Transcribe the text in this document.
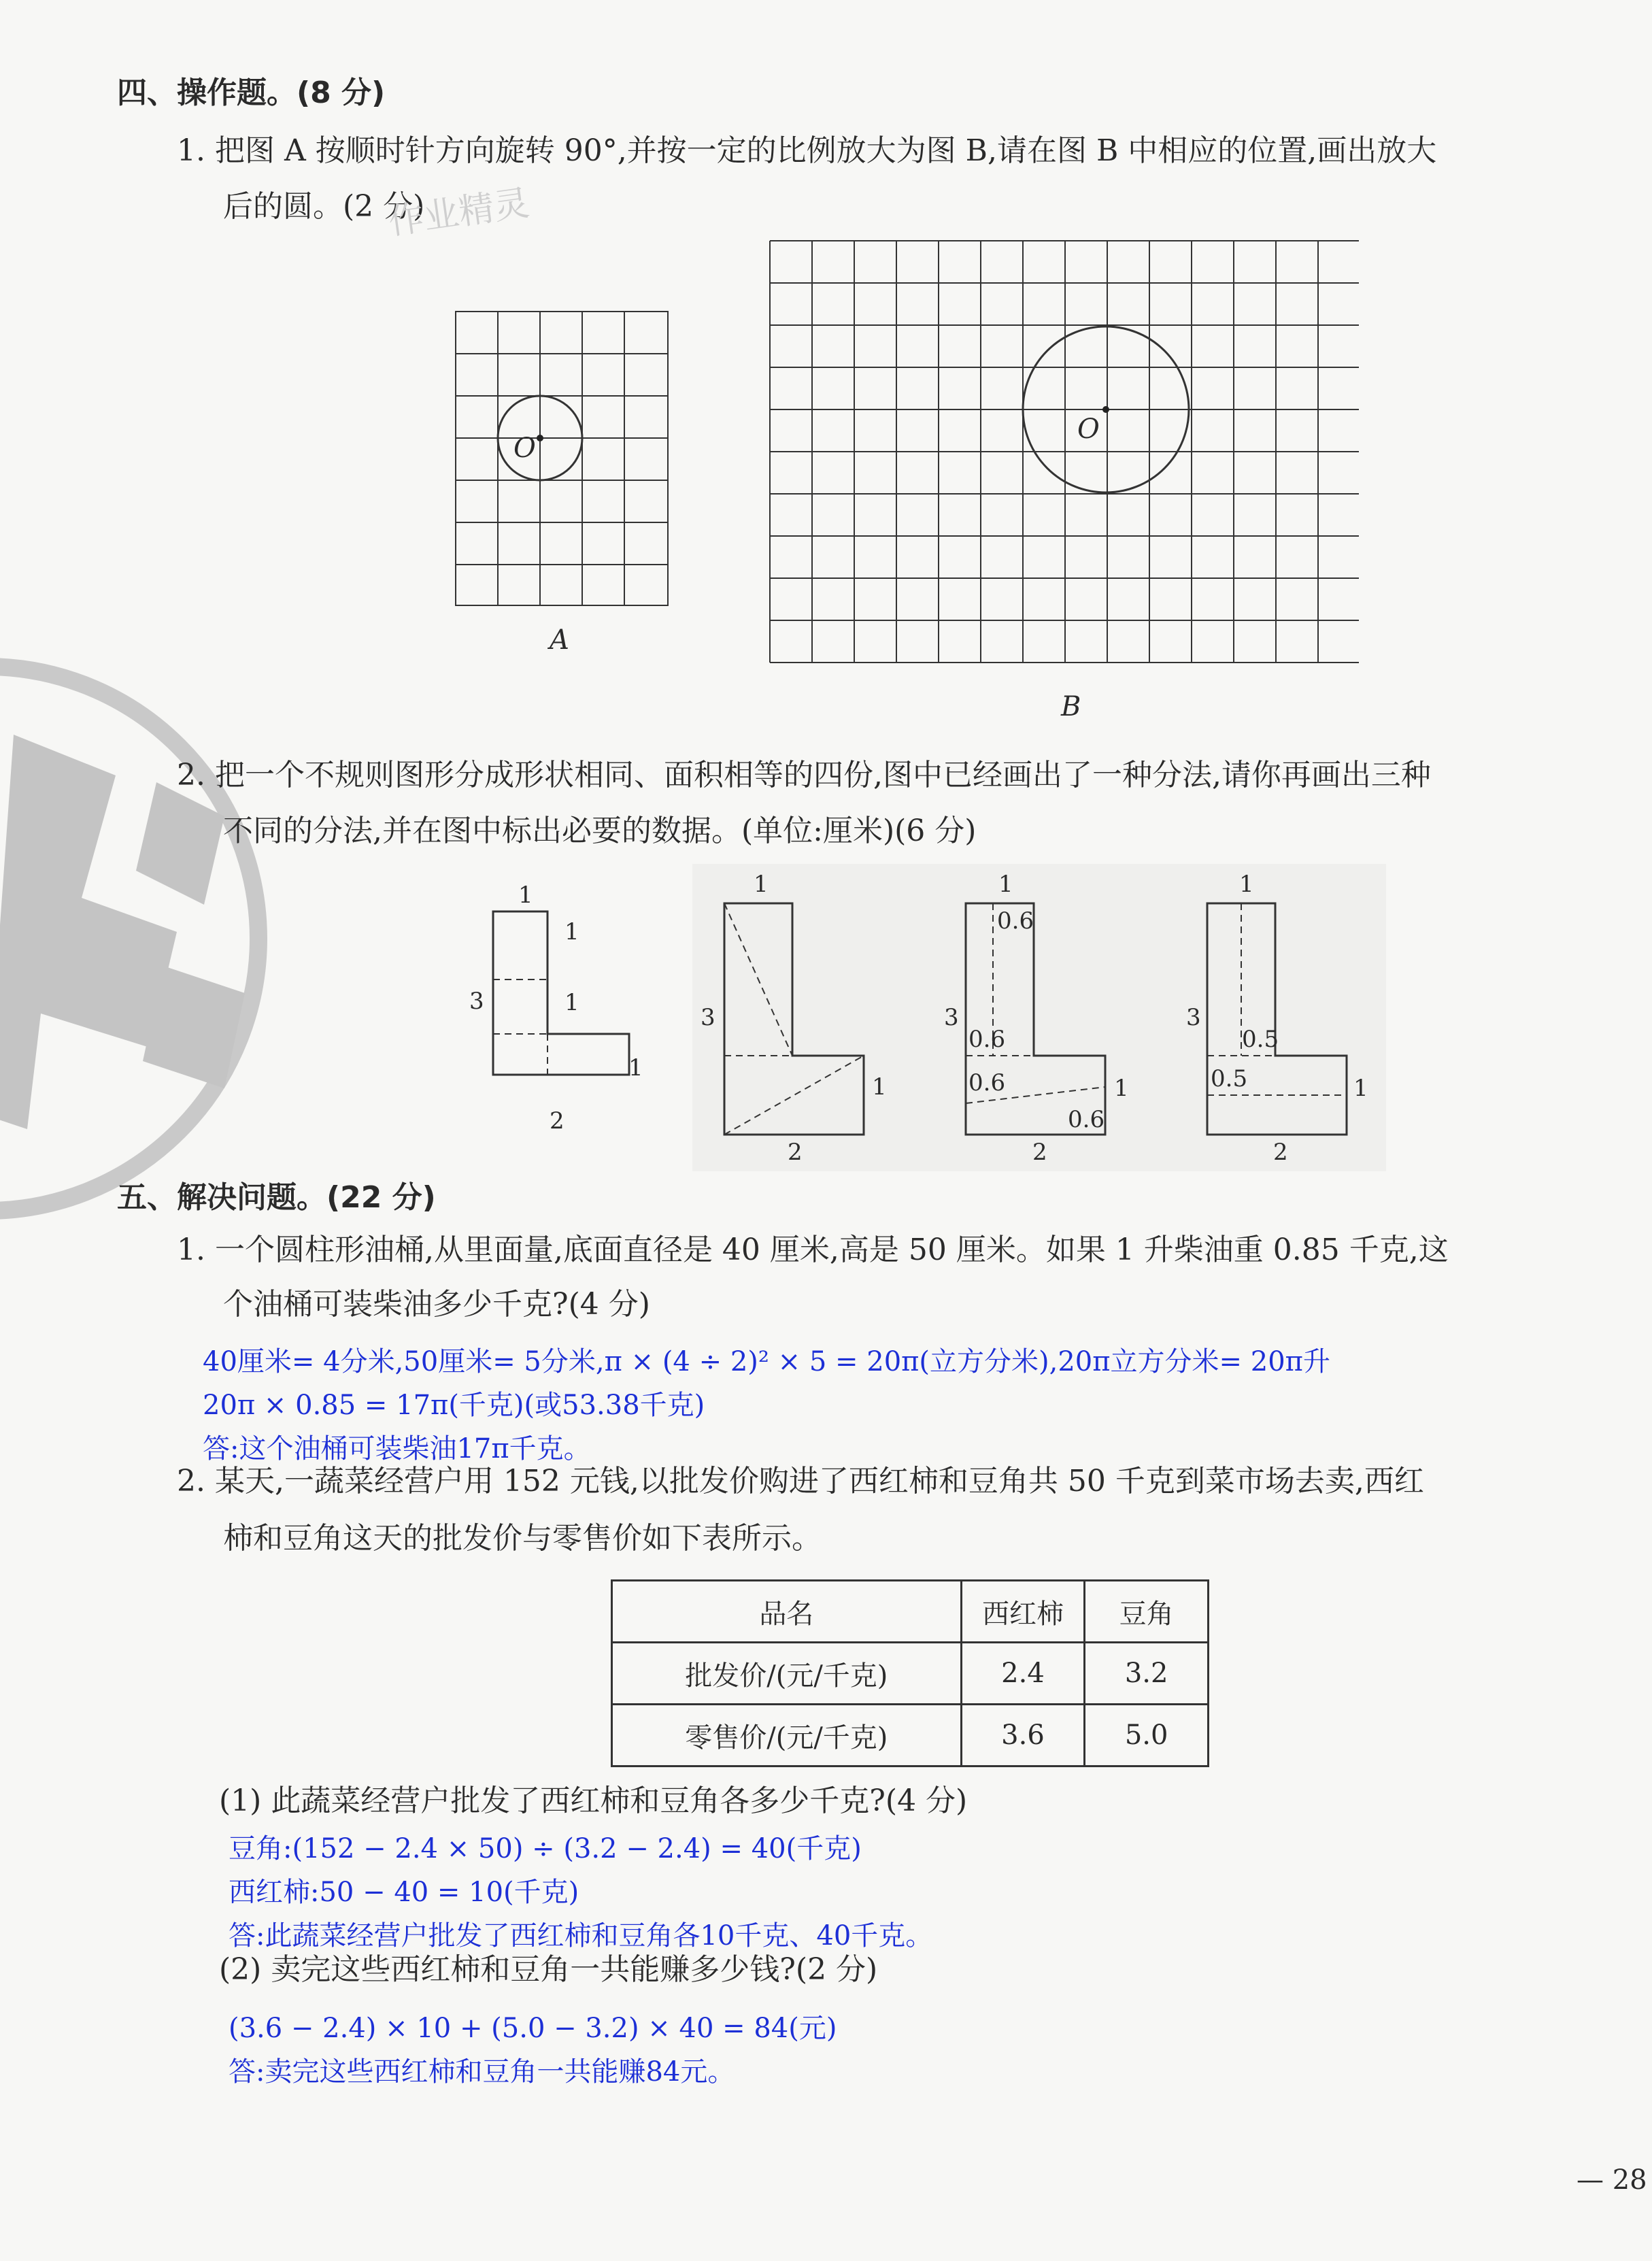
四、操作题。(8 分)
1. 把图 A 按顺时针方向旋转 90°,并按一定的比例放大为图 B,请在图 B 中相应的位置,画出放大
后的圆。(2 分)
作业精灵
O
A
O
B
2. 把一个不规则图形分成形状相同、面积相等的四份,图中已经画出了一种分法,请你再画出三种
不同的分法,并在图中标出必要的数据。(单位:厘米)(6 分)
1
1
1
3
1
2
1
3
1
2
1
0.6
3
0.6
0.6	1
0.6
2
1
3
0.5
0.5	1
2
五、解决问题。(22 分)
1. 一个圆柱形油桶,从里面量,底面直径是 40 厘米,高是 50 厘米。如果 1 升柴油重 0.85 千克,这
个油桶可装柴油多少千克?(4 分)
40厘米= 4分米,50厘米= 5分米,π × (4 ÷ 2)² × 5 = 20π(立方分米),20π立方分米= 20π升
20π × 0.85 = 17π(千克)(或53.38千克)
答:这个油桶可装柴油17π千克。
2. 某天,一蔬菜经营户用 152 元钱,以批发价购进了西红柿和豆角共 50 千克到菜市场去卖,西红
柿和豆角这天的批发价与零售价如下表所示。
品名	西红柿	豆角
批发价/(元/千克)	2.4	3.2
零售价/(元/千克)	3.6	5.0
(1) 此蔬菜经营户批发了西红柿和豆角各多少千克?(4 分)
豆角:(152 − 2.4 × 50) ÷ (3.2 − 2.4) = 40(千克)
西红柿:50 − 40 = 10(千克)
答:此蔬菜经营户批发了西红柿和豆角各10千克、40千克。
(2) 卖完这些西红柿和豆角一共能赚多少钱?(2 分)
(3.6 − 2.4) × 10 + (5.0 − 3.2) × 40 = 84(元)
答:卖完这些西红柿和豆角一共能赚84元。
— 28
